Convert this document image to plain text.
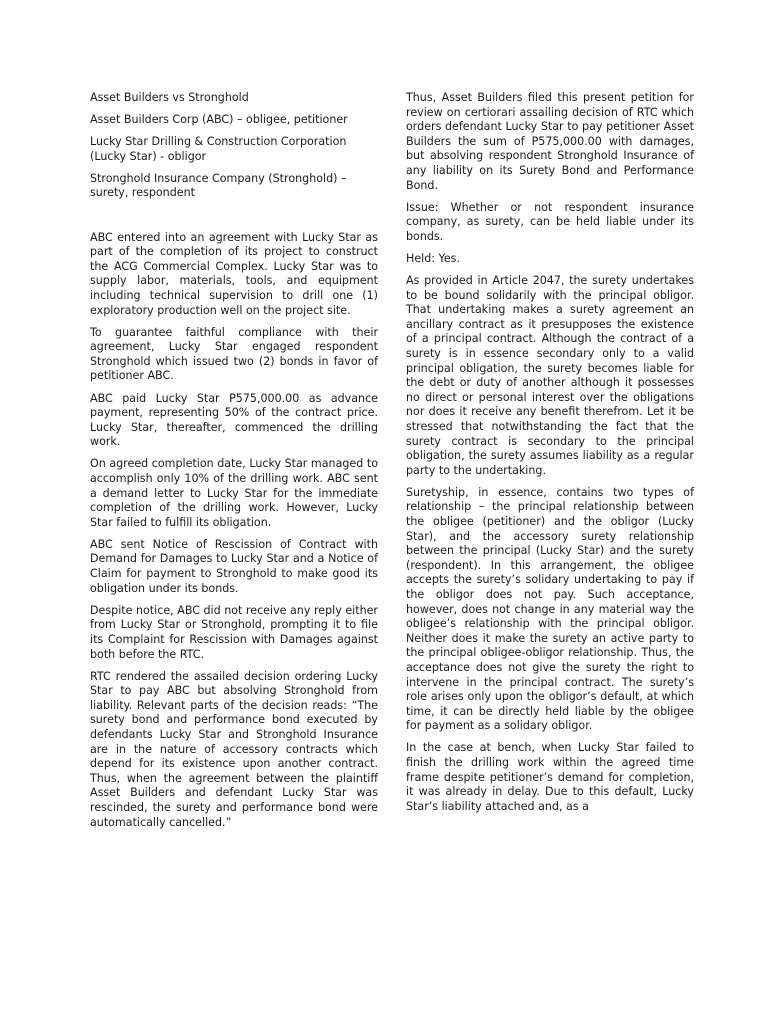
Asset Builders vs Stronghold

Asset Builders Corp (ABC) – obligee, petitioner

Lucky Star Drilling & Construction Corporation (Lucky Star) - obligor

Stronghold Insurance Company (Stronghold) – surety, respondent

ABC entered into an agreement with Lucky Star as part of the completion of its project to construct the ACG Commercial Complex. Lucky Star was to supply labor, materials, tools, and equipment including technical supervision to drill one (1) exploratory production well on the project site.

To guarantee faithful compliance with their agreement, Lucky Star engaged respondent Stronghold which issued two (2) bonds in favor of petitioner ABC.

ABC paid Lucky Star P575,000.00 as advance payment, representing 50% of the contract price. Lucky Star, thereafter, commenced the drilling work.

On agreed completion date, Lucky Star managed to accomplish only 10% of the drilling work. ABC sent a demand letter to Lucky Star for the immediate completion of the drilling work. However, Lucky Star failed to fulfill its obligation.

ABC sent Notice of Rescission of Contract with Demand for Damages to Lucky Star and a Notice of Claim for payment to Stronghold to make good its obligation under its bonds.

Despite notice, ABC did not receive any reply either from Lucky Star or Stronghold, prompting it to file its Complaint for Rescission with Damages against both before the RTC.

RTC rendered the assailed decision ordering Lucky Star to pay ABC but absolving Stronghold from liability. Relevant parts of the decision reads: “The surety bond and performance bond executed by defendants Lucky Star and Stronghold Insurance are in the nature of accessory contracts which depend for its existence upon another contract. Thus, when the agreement between the plaintiff Asset Builders and defendant Lucky Star was rescinded, the surety and performance bond were automatically cancelled.”

Thus, Asset Builders filed this present petition for review on certiorari assailing decision of RTC which orders defendant Lucky Star to pay petitioner Asset Builders the sum of P575,000.00 with damages, but absolving respondent Stronghold Insurance of any liability on its Surety Bond and Performance Bond.

Issue: Whether or not respondent insurance company, as surety, can be held liable under its bonds.

Held: Yes.

As provided in Article 2047, the surety undertakes to be bound solidarily with the principal obligor. That undertaking makes a surety agreement an ancillary contract as it presupposes the existence of a principal contract. Although the contract of a surety is in essence secondary only to a valid principal obligation, the surety becomes liable for the debt or duty of another although it possesses no direct or personal interest over the obligations nor does it receive any benefit therefrom. Let it be stressed that notwithstanding the fact that the surety contract is secondary to the principal obligation, the surety assumes liability as a regular party to the undertaking.

Suretyship, in essence, contains two types of relationship – the principal relationship between the obligee (petitioner) and the obligor (Lucky Star), and the accessory surety relationship between the principal (Lucky Star) and the surety (respondent). In this arrangement, the obligee accepts the surety’s solidary undertaking to pay if the obligor does not pay. Such acceptance, however, does not change in any material way the obligee’s relationship with the principal obligor. Neither does it make the surety an active party to the principal obligee-obligor relationship. Thus, the acceptance does not give the surety the right to intervene in the principal contract. The surety’s role arises only upon the obligor’s default, at which time, it can be directly held liable by the obligee for payment as a solidary obligor.

In the case at bench, when Lucky Star failed to finish the drilling work within the agreed time frame despite petitioner’s demand for completion, it was already in delay. Due to this default, Lucky Star’s liability attached and, as a
